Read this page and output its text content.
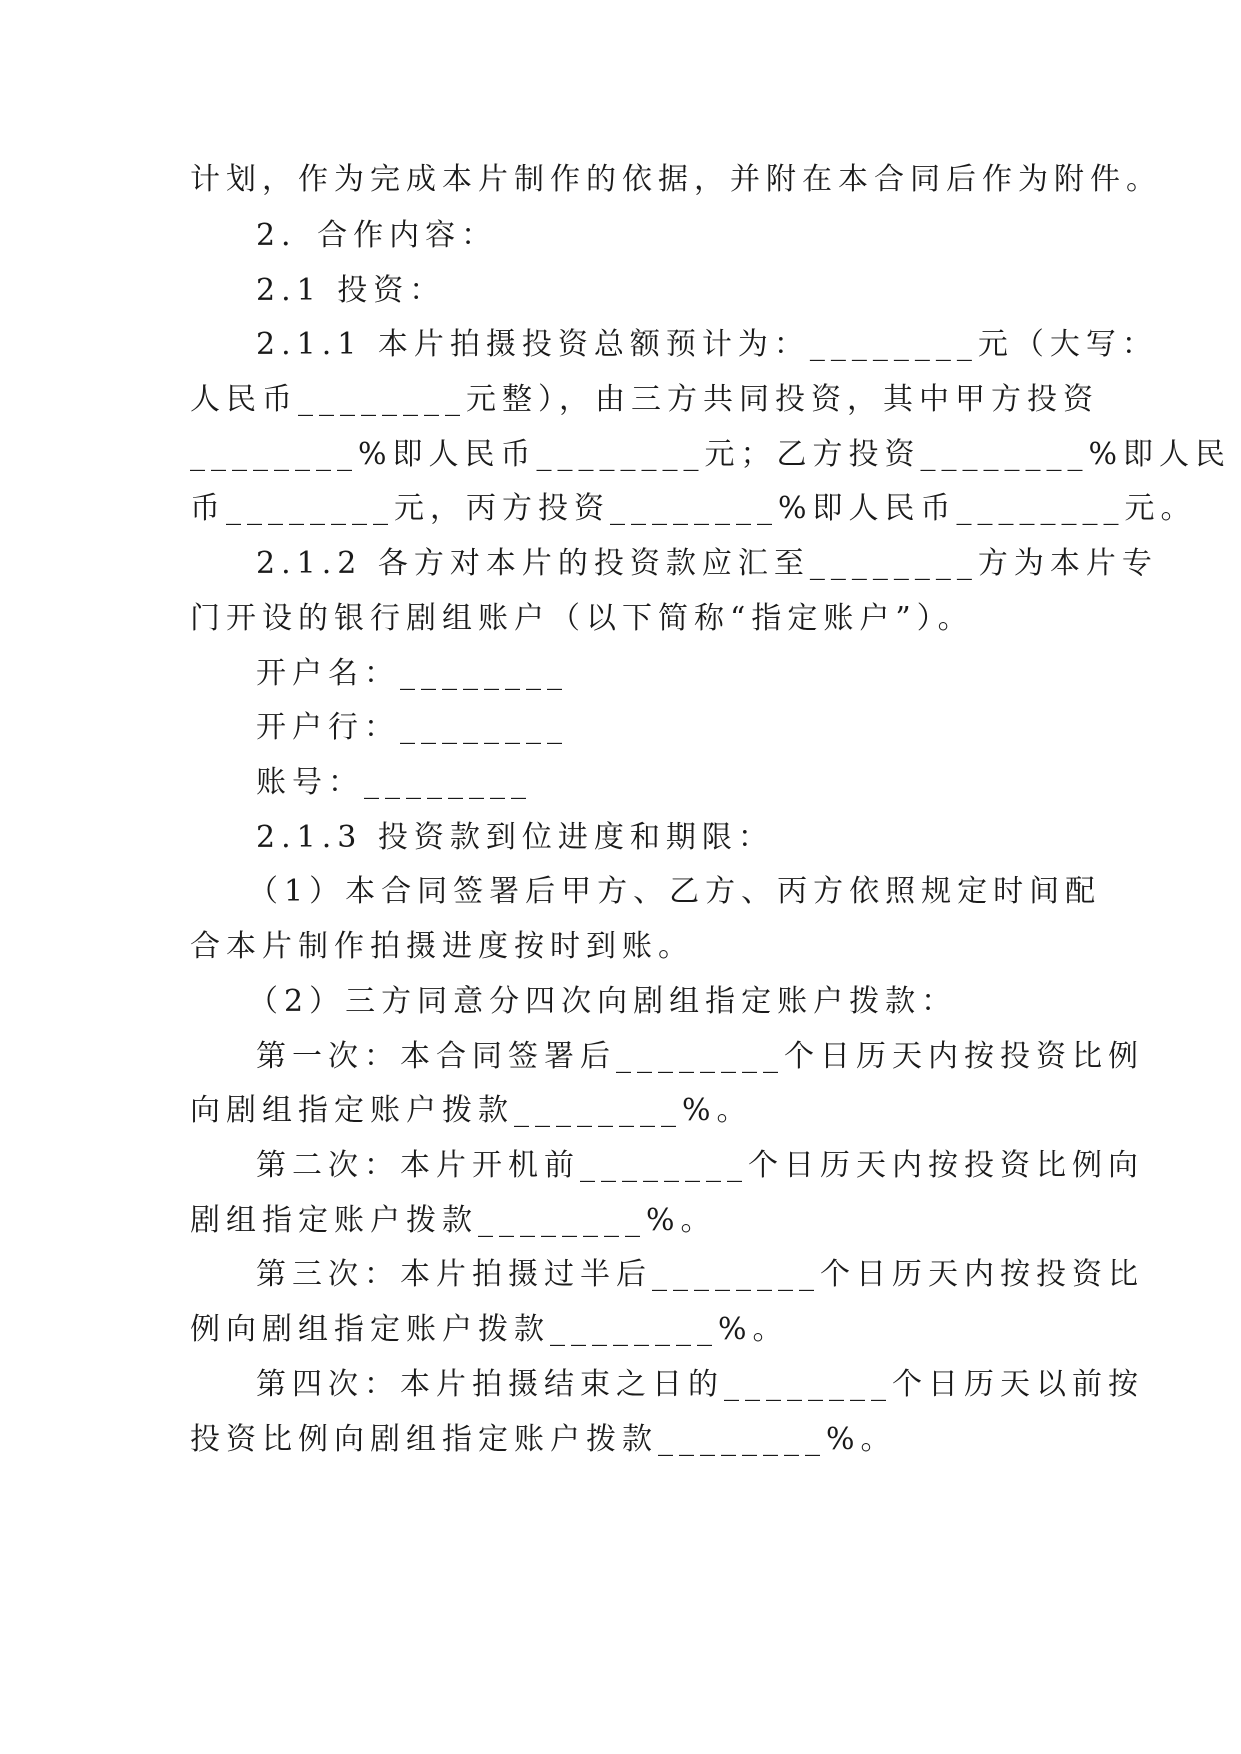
计划，作为完成本片制作的依据，并附在本合同后作为附件。
2．合作内容：
2.1 投资：
2.1.1 本片拍摄投资总额预计为：________元（大写：
人民币________元整），由三方共同投资，其中甲方投资
________%即人民币________元；乙方投资________%即人民
币________元，丙方投资________%即人民币________元。
2.1.2 各方对本片的投资款应汇至________方为本片专
门开设的银行剧组账户（以下简称“指定账户”）。
开户名：________
开户行：________
账号：________
2.1.3 投资款到位进度和期限：
（1）本合同签署后甲方、乙方、丙方依照规定时间配
合本片制作拍摄进度按时到账。
（2）三方同意分四次向剧组指定账户拨款：
第一次：本合同签署后________个日历天内按投资比例
向剧组指定账户拨款________%。
第二次：本片开机前________个日历天内按投资比例向
剧组指定账户拨款________%。
第三次：本片拍摄过半后________个日历天内按投资比
例向剧组指定账户拨款________%。
第四次：本片拍摄结束之日的________个日历天以前按
投资比例向剧组指定账户拨款________%。
